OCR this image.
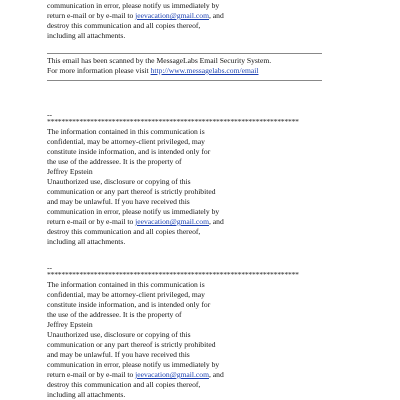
communication in error, please notify us immediately by
return e-mail or by e-mail to jeevacation@gmail.com, and
destroy this communication and all copies thereof,
including all attachments.
This email has been scanned by the MessageLabs Email Security System.
For more information please visit http://www.messagelabs.com/email
--
**********************************************************************
The information contained in this communication is
confidential, may be attorney-client privileged, may
constitute inside information, and is intended only for
the use of the addressee. It is the property of
Jeffrey Epstein
Unauthorized use, disclosure or copying of this
communication or any part thereof is strictly prohibited
and may be unlawful. If you have received this
communication in error, please notify us immediately by
return e-mail or by e-mail to jeevacation@gmail.com, and
destroy this communication and all copies thereof,
including all attachments.
--
**********************************************************************
The information contained in this communication is
confidential, may be attorney-client privileged, may
constitute inside information, and is intended only for
the use of the addressee. It is the property of
Jeffrey Epstein
Unauthorized use, disclosure or copying of this
communication or any part thereof is strictly prohibited
and may be unlawful. If you have received this
communication in error, please notify us immediately by
return e-mail or by e-mail to jeevacation@gmail.com, and
destroy this communication and all copies thereof,
including all attachments.
